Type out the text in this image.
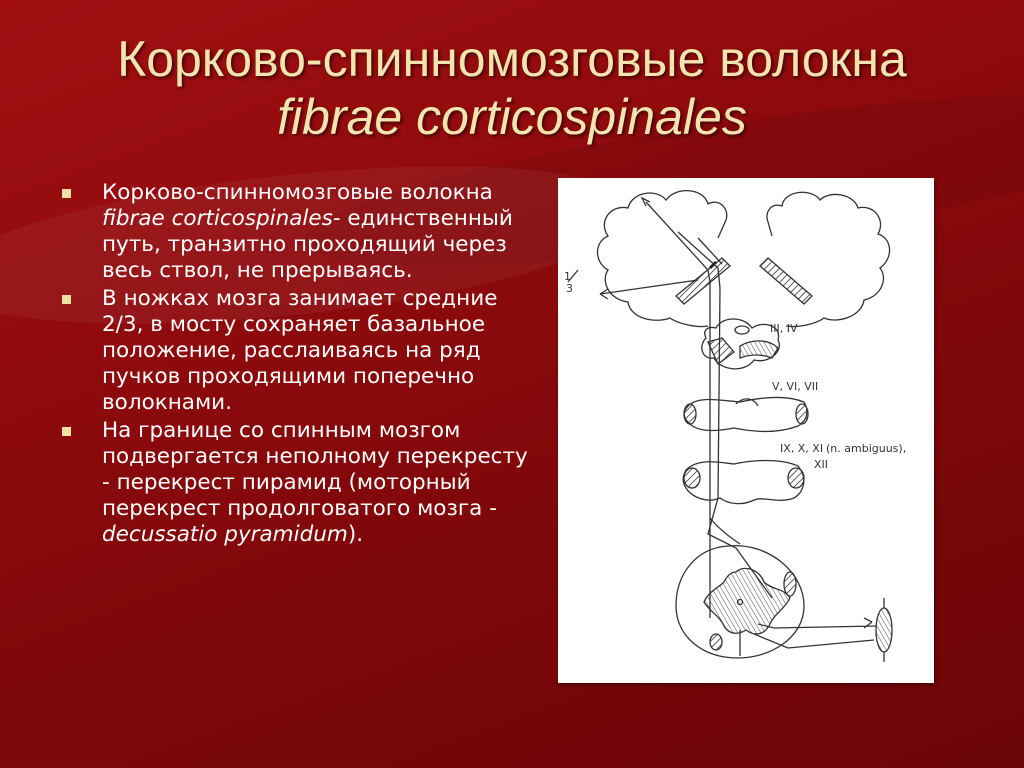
Корково-спинномозговые волокна
fibrae corticospinales
Корково-спинномозговые волокна fibrae corticospinales- единственный путь, транзитно проходящий через весь ствол, не прерываясь.
В ножках мозга занимает средние 2/3, в мосту сохраняет базальное положение, расслаиваясь на ряд пучков проходящими поперечно волокнами.
На границе со спинным мозгом подвергается неполному перекресту - перекрест пирамид (моторный перекрест продолговатого мозга - decussatio pyramidum).
1
3
III, IV
V, VI, VII
IX, X, XI (n. ambiguus),
XII
